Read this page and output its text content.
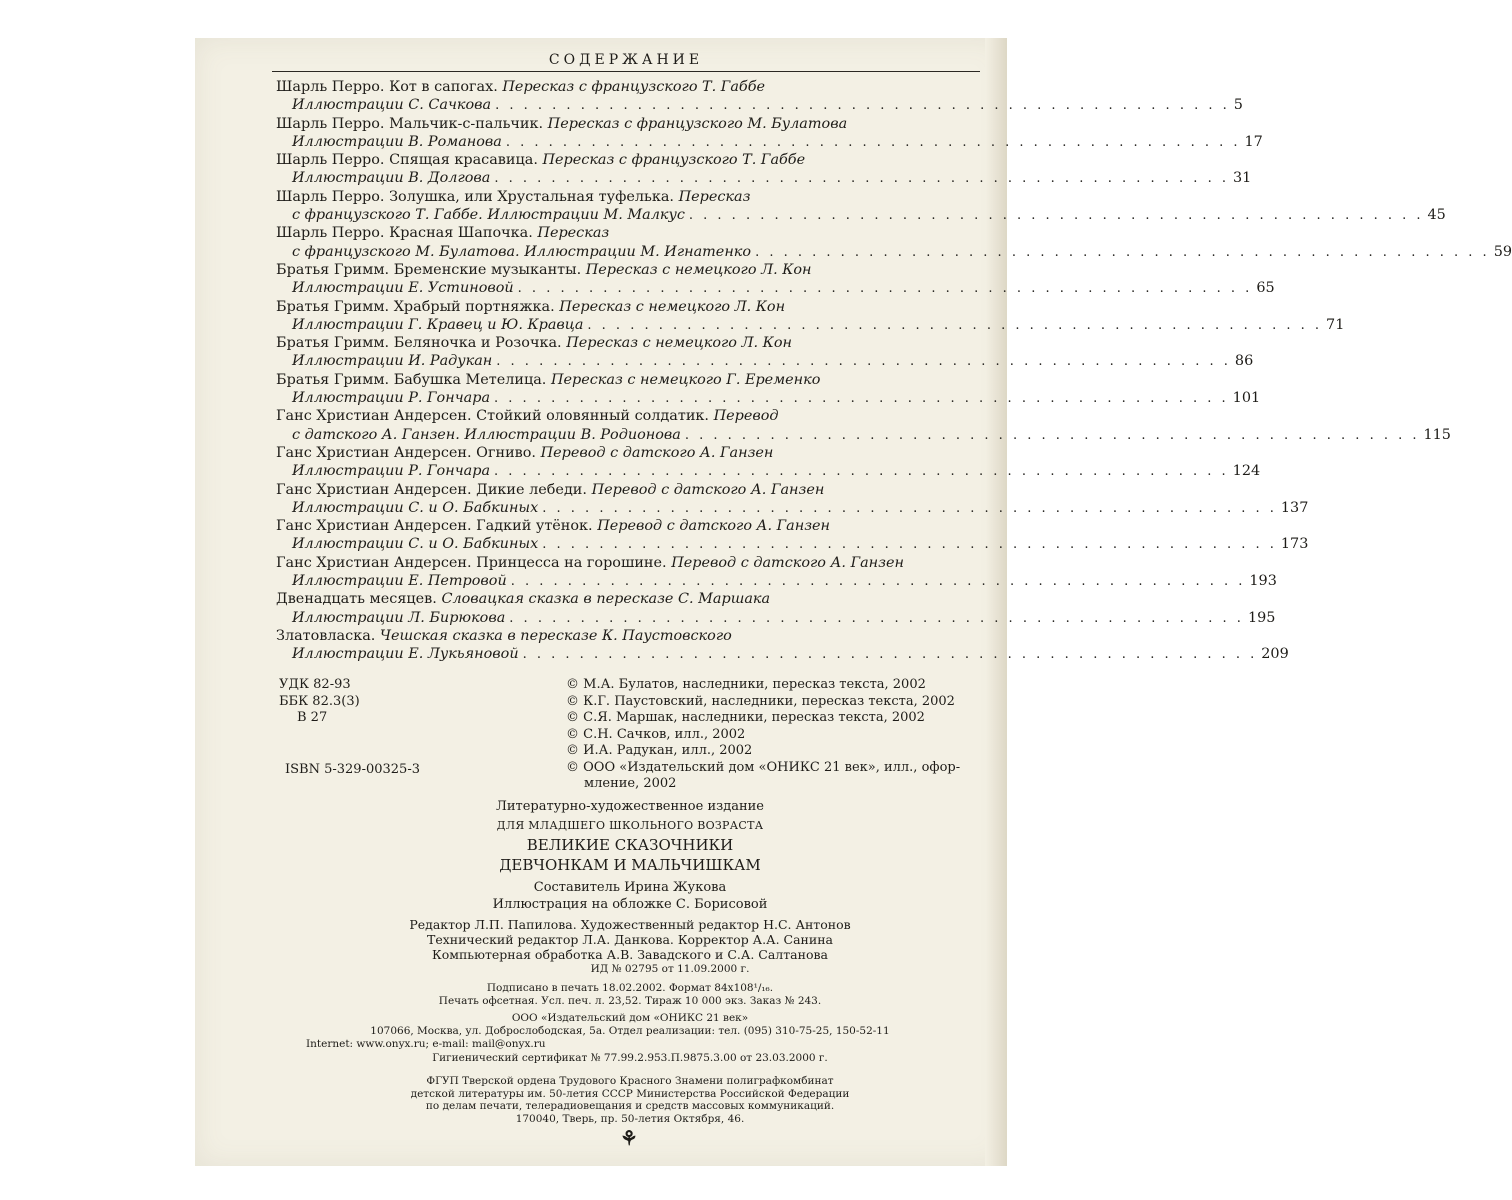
СОДЕРЖАНИЕ
Шарль Перро. Кот в сапогах. Пересказ с французского Т. Габбе
Иллюстрации С. Сачкова . . . . . . . . . . . . . . . . . . . . . . . . . . . . . . . . . . . . . . . . . . . . . . . . . . . . 5
Шарль Перро. Мальчик-с-пальчик. Пересказ с французского М. Булатова
Иллюстрации В. Романова . . . . . . . . . . . . . . . . . . . . . . . . . . . . . . . . . . . . . . . . . . . . . . . . . . . . 17
Шарль Перро. Спящая красавица. Пересказ с французского Т. Габбе
Иллюстрации В. Долгова . . . . . . . . . . . . . . . . . . . . . . . . . . . . . . . . . . . . . . . . . . . . . . . . . . . . 31
Шарль Перро. Золушка, или Хрустальная туфелька. Пересказ
с французского Т. Габбе. Иллюстрации М. Малкус . . . . . . . . . . . . . . . . . . . . . . . . . . . . . . . . . . . . . . . . . . . . . . . . . . . . 45
Шарль Перро. Красная Шапочка. Пересказ
с французского М. Булатова. Иллюстрации М. Игнатенко . . . . . . . . . . . . . . . . . . . . . . . . . . . . . . . . . . . . . . . . . . . . . . . . . . . . 59
Братья Гримм. Бременские музыканты. Пересказ с немецкого Л. Кон
Иллюстрации Е. Устиновой . . . . . . . . . . . . . . . . . . . . . . . . . . . . . . . . . . . . . . . . . . . . . . . . . . . . 65
Братья Гримм. Храбрый портняжка. Пересказ с немецкого Л. Кон
Иллюстрации Г. Кравец и Ю. Кравца . . . . . . . . . . . . . . . . . . . . . . . . . . . . . . . . . . . . . . . . . . . . . . . . . . . . 71
Братья Гримм. Беляночка и Розочка. Пересказ с немецкого Л. Кон
Иллюстрации И. Радукан . . . . . . . . . . . . . . . . . . . . . . . . . . . . . . . . . . . . . . . . . . . . . . . . . . . . 86
Братья Гримм. Бабушка Метелица. Пересказ с немецкого Г. Еременко
Иллюстрации Р. Гончара . . . . . . . . . . . . . . . . . . . . . . . . . . . . . . . . . . . . . . . . . . . . . . . . . . . . 101
Ганс Христиан Андерсен. Стойкий оловянный солдатик. Перевод
с датского А. Ганзен. Иллюстрации В. Родионова . . . . . . . . . . . . . . . . . . . . . . . . . . . . . . . . . . . . . . . . . . . . . . . . . . . . 115
Ганс Христиан Андерсен. Огниво. Перевод с датского А. Ганзен
Иллюстрации Р. Гончара . . . . . . . . . . . . . . . . . . . . . . . . . . . . . . . . . . . . . . . . . . . . . . . . . . . . 124
Ганс Христиан Андерсен. Дикие лебеди. Перевод с датского А. Ганзен
Иллюстрации С. и О. Бабкиных . . . . . . . . . . . . . . . . . . . . . . . . . . . . . . . . . . . . . . . . . . . . . . . . . . . . 137
Ганс Христиан Андерсен. Гадкий утёнок. Перевод с датского А. Ганзен
Иллюстрации С. и О. Бабкиных . . . . . . . . . . . . . . . . . . . . . . . . . . . . . . . . . . . . . . . . . . . . . . . . . . . . 173
Ганс Христиан Андерсен. Принцесса на горошине. Перевод с датского А. Ганзен
Иллюстрации Е. Петровой . . . . . . . . . . . . . . . . . . . . . . . . . . . . . . . . . . . . . . . . . . . . . . . . . . . . 193
Двенадцать месяцев. Словацкая сказка в пересказе С. Маршака
Иллюстрации Л. Бирюкова . . . . . . . . . . . . . . . . . . . . . . . . . . . . . . . . . . . . . . . . . . . . . . . . . . . . 195
Златовласка. Чешская сказка в пересказе К. Паустовского
Иллюстрации Е. Лукьяновой . . . . . . . . . . . . . . . . . . . . . . . . . . . . . . . . . . . . . . . . . . . . . . . . . . . . 209
УДК 82-93
ББК 82.3(3)
В 27
ISBN 5-329-00325-3
© М.А. Булатов, наследники, пересказ текста, 2002
© К.Г. Паустовский, наследники, пересказ текста, 2002
© С.Я. Маршак, наследники, пересказ текста, 2002
© С.Н. Сачков, илл., 2002
© И.А. Радукан, илл., 2002
© ООО «Издательский дом «ОНИКС 21 век», илл., офор-
мление, 2002
Литературно-художественное издание
ДЛЯ МЛАДШЕГО ШКОЛЬНОГО ВОЗРАСТА
ВЕЛИКИЕ СКАЗОЧНИКИ
ДЕВЧОНКАМ И МАЛЬЧИШКАМ
Составитель Ирина Жукова
Иллюстрация на обложке С. Борисовой
Редактор Л.П. Папилова. Художественный редактор Н.С. Антонов
Технический редактор Л.А. Данкова. Корректор А.А. Санина
Компьютерная обработка А.В. Завадского и С.А. Салтанова
ИД № 02795 от 11.09.2000 г.
Подписано в печать 18.02.2002. Формат 84x108¹/₁₆.
Печать офсетная. Усл. печ. л. 23,52. Тираж 10 000 экз. Заказ № 243.
ООО «Издательский дом «ОНИКС 21 век»
107066, Москва, ул. Доброслободская, 5а. Отдел реализации: тел. (095) 310-75-25, 150-52-11
Internet: www.onyx.ru; e-mail: mail@onyx.ru
Гигиенический сертификат № 77.99.2.953.П.9875.3.00 от 23.03.2000 г.
ФГУП Тверской ордена Трудового Красного Знамени полиграфкомбинат
детской литературы им. 50-летия СССР Министерства Российской Федерации
по делам печати, телерадиовещания и средств массовых коммуникаций.
170040, Тверь, пр. 50-летия Октября, 46.
⚘
